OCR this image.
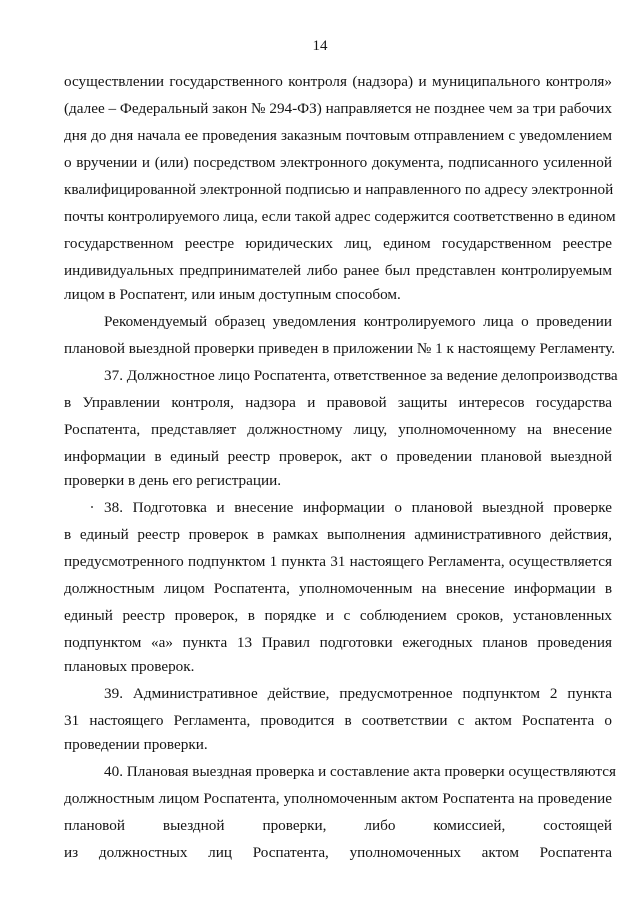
14
осуществлении государственного контроля (надзора) и муниципального контроля»
(далее – Федеральный закон № 294-ФЗ) направляется не позднее чем за три рабочих
дня до дня начала ее проведения заказным почтовым отправлением с уведомлением
о вручении и (или) посредством электронного документа, подписанного усиленной
квалифицированной электронной подписью и направленного по адресу электронной
почты контролируемого лица, если такой адрес содержится соответственно в едином
государственном реестре юридических лиц, едином государственном реестре
индивидуальных предпринимателей либо ранее был представлен контролируемым
лицом в Роспатент, или иным доступным способом.
Рекомендуемый образец уведомления контролируемого лица о проведении
плановой выездной проверки приведен в приложении № 1 к настоящему Регламенту.
37. Должностное лицо Роспатента, ответственное за ведение делопроизводства
в Управлении контроля, надзора и правовой защиты интересов государства
Роспатента, представляет должностному лицу, уполномоченному на внесение
информации в единый реестр проверок, акт о проведении плановой выездной
проверки в день его регистрации.
38. Подготовка и внесение информации о плановой выездной проверке
в единый реестр проверок в рамках выполнения административного действия,
предусмотренного подпунктом 1 пункта 31 настоящего Регламента, осуществляется
должностным лицом Роспатента, уполномоченным на внесение информации в
единый реестр проверок, в порядке и с соблюдением сроков, установленных
подпунктом «а» пункта 13 Правил подготовки ежегодных планов проведения
плановых проверок.
39. Административное действие, предусмотренное подпунктом 2 пункта
31 настоящего Регламента, проводится в соответствии с актом Роспатента о
проведении проверки.
40. Плановая выездная проверка и составление акта проверки осуществляются
должностным лицом Роспатента, уполномоченным актом Роспатента на проведение
плановой выездной проверки, либо комиссией, состоящей
из должностных лиц Роспатента, уполномоченных актом Роспатента
